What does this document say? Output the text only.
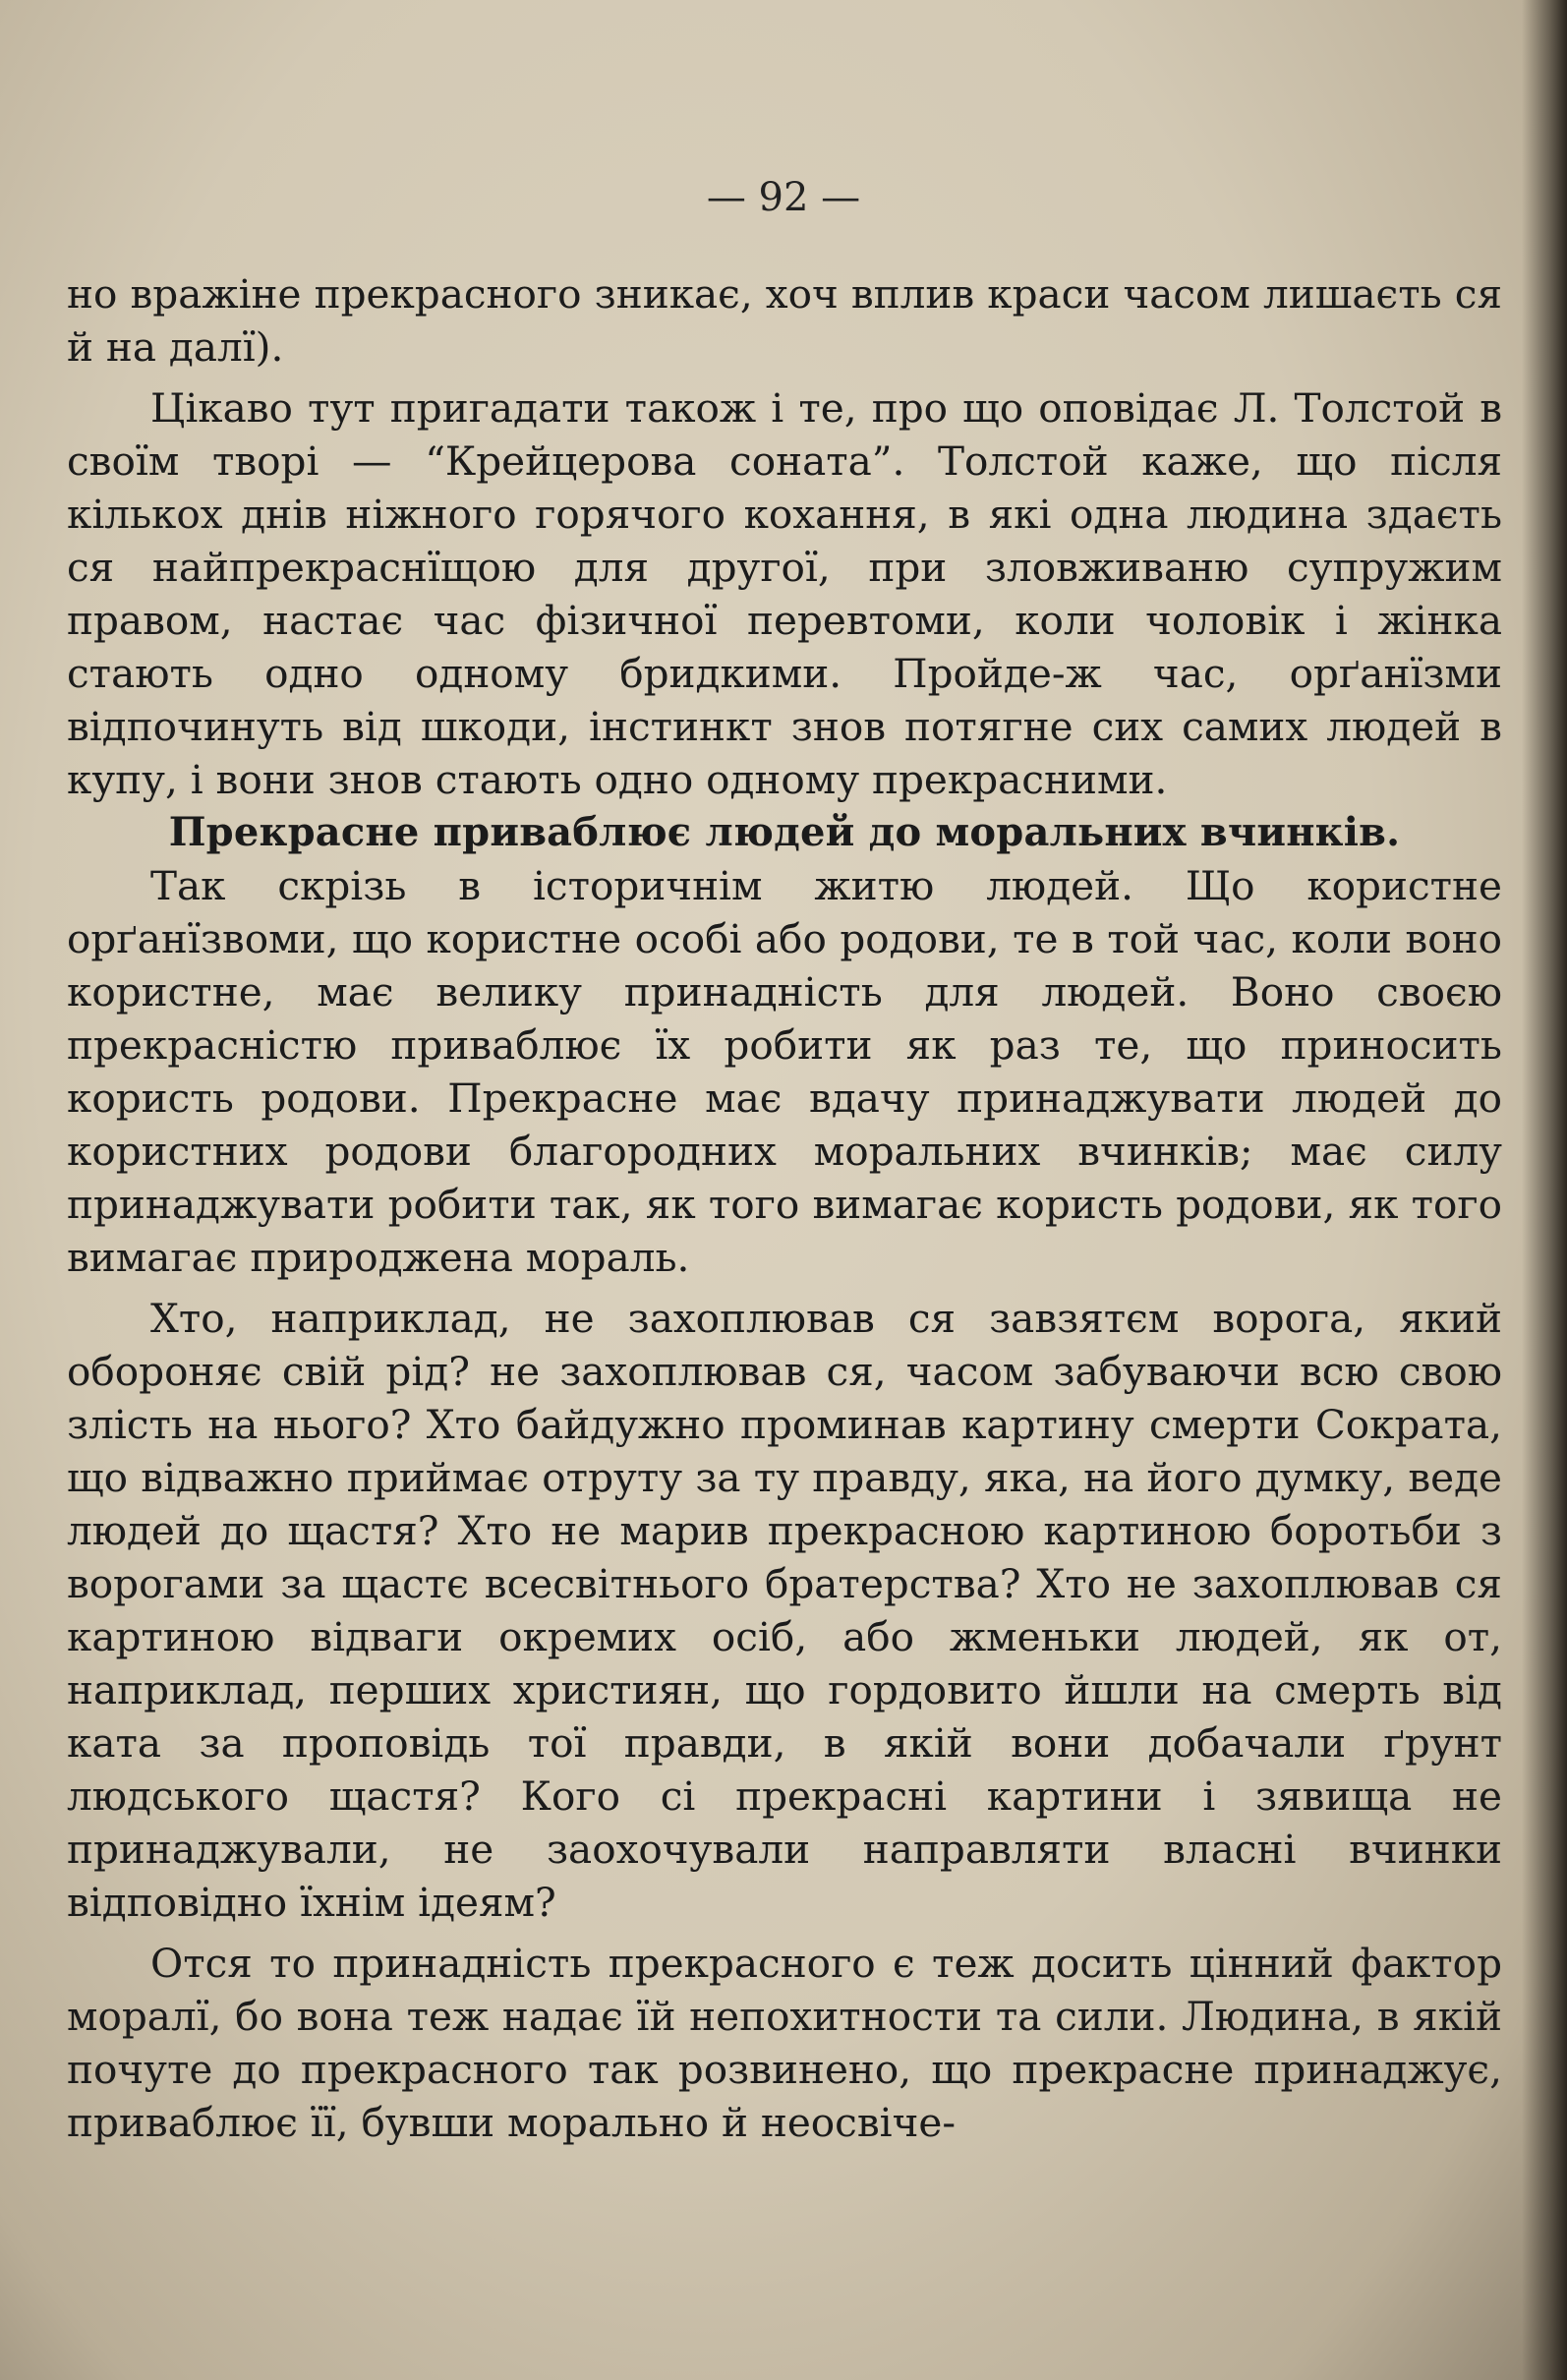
— 92 —

но вражіне прекрасного зникає, хоч вплив краси часом лишаєть ся й на далї).

Цікаво тут пригадати також і те, про що оповідає Л. Толстой в своїм творі — “Крейцерова соната”. Толстой каже, що після кількох днів ніжного горячого кохання, в які одна людина здаєть ся найпрекраснїщою для другої, при зловживаню супружим правом, настає час фізичної перевтоми, коли чоловік і жінка стають одно одному бридкими. Пройде-ж час, орґанїзми відпочинуть від шкоди, інстинкт знов потягне сих самих людей в купу, і вони знов стають одно одному прекрасними.

Прекрасне приваблює людей до моральних вчинків.

Так скрізь в історичнім житю людей. Що користне орґанїзвоми, що користне особі або родови, те в той час, коли воно користне, має велику принадність для людей. Воно своєю прекрасністю приваблює їх робити як раз те, що приносить користь родови. Прекрасне має вдачу принаджувати людей до користних родови благородних моральних вчинків; має силу принаджувати робити так, як того вимагає користь родови, як того вимагає природжена мораль.

Хто, наприклад, не захоплював ся завзятєм ворога, який обороняє свій рід? не захоплював ся, часом забуваючи всю свою злість на нього? Хто байдужно проминав картину смерти Сократа, що відважно приймає отруту за ту правду, яка, на його думку, веде людей до щастя? Хто не марив прекрасною картиною боротьби з ворогами за щастє всесвітнього братерства? Хто не захоплював ся картиною відваги окремих осіб, або жменьки людей, як от, наприклад, перших християн, що гордовито йшли на смерть від ката за проповідь тої правди, в якій вони добачали ґрунт людського щастя? Кого сі прекрасні картини і зявища не принаджували, не заохочували направляти власні вчинки відповідно їхнім ідеям?

Отся то принадність прекрасного є теж досить цінний фактор моралї, бо вона теж надає їй непохитности та сили. Людина, в якій почуте до прекрасного так розвинено, що прекрасне принаджує, приваблює її, бувши морально й неосвіче-
